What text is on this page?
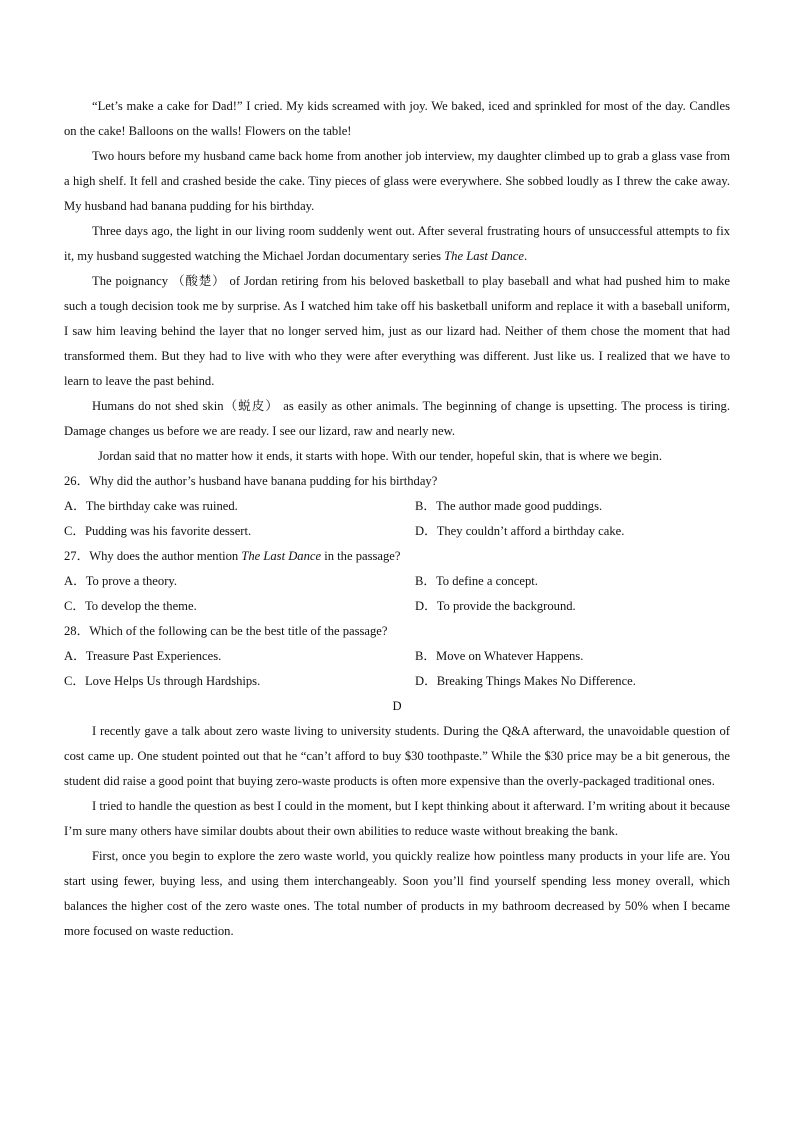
“Let’s make a cake for Dad!” I cried. My kids screamed with joy. We baked, iced and sprinkled for most of the day. Candles on the cake! Balloons on the walls! Flowers on the table!

Two hours before my husband came back home from another job interview, my daughter climbed up to grab a glass vase from a high shelf. It fell and crashed beside the cake. Tiny pieces of glass were everywhere. She sobbed loudly as I threw the cake away. My husband had banana pudding for his birthday.

Three days ago, the light in our living room suddenly went out. After several frustrating hours of unsuccessful attempts to fix it, my husband suggested watching the Michael Jordan documentary series The Last Dance.

The poignancy （酸楚） of Jordan retiring from his beloved basketball to play baseball and what had pushed him to make such a tough decision took me by surprise. As I watched him take off his basketball uniform and replace it with a baseball uniform, I saw him leaving behind the layer that no longer served him, just as our lizard had. Neither of them chose the moment that had transformed them. But they had to live with who they were after everything was different. Just like us. I realized that we have to learn to leave the past behind.

Humans do not shed skin（蜕皮） as easily as other animals. The beginning of change is upsetting. The process is tiring. Damage changes us before we are ready. I see our lizard, raw and nearly new.

Jordan said that no matter how it ends, it starts with hope. With our tender, hopeful skin, that is where we begin.

26．Why did the author’s husband have banana pudding for his birthday?

A．The birthday cake was ruined.	B．The author made good puddings.
C．Pudding was his favorite dessert.	D．They couldn’t afford a birthday cake.

27．Why does the author mention The Last Dance in the passage?

A．To prove a theory.	B．To define a concept.
C．To develop the theme.	D．To provide the background.

28．Which of the following can be the best title of the passage?

A．Treasure Past Experiences.	B．Move on Whatever Happens.
C．Love Helps Us through Hardships.	D．Breaking Things Makes No Difference.

D

I recently gave a talk about zero waste living to university students. During the Q&A afterward, the unavoidable question of cost came up. One student pointed out that he “can’t afford to buy $30 toothpaste.” While the $30 price may be a bit generous, the student did raise a good point that buying zero-waste products is often more expensive than the overly-packaged traditional ones.

I tried to handle the question as best I could in the moment, but I kept thinking about it afterward. I’m writing about it because I’m sure many others have similar doubts about their own abilities to reduce waste without breaking the bank.

First, once you begin to explore the zero waste world, you quickly realize how pointless many products in your life are. You start using fewer, buying less, and using them interchangeably. Soon you’ll find yourself spending less money overall, which balances the higher cost of the zero waste ones. The total number of products in my bathroom decreased by 50% when I became more focused on waste reduction.
